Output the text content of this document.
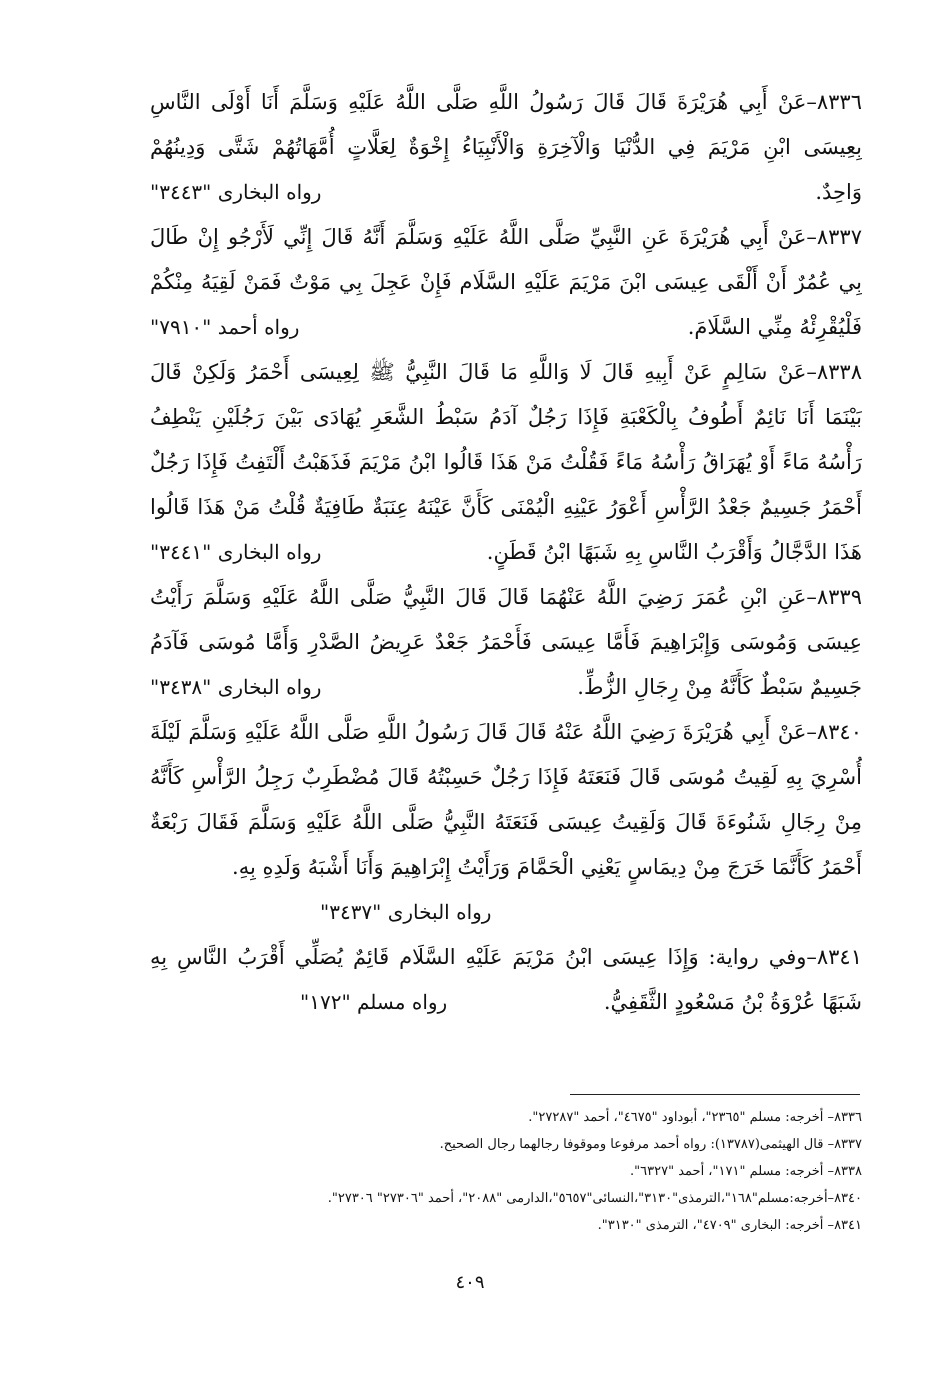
٨٣٣٦–عَنْ أَبِي هُرَيْرَةَ قَالَ قَالَ رَسُولُ اللَّهِ صَلَّى اللَّهُ عَلَيْهِ وَسَلَّمَ أَنَا أَوْلَى النَّاسِ
بِعِيسَى ابْنِ مَرْيَمَ فِي الدُّنْيَا وَالْآخِرَةِ وَالْأَنْبِيَاءُ إِخْوَةٌ لِعَلَّاتٍ أُمَّهَاتُهُمْ شَتَّى وَدِينُهُمْ
وَاحِدٌ.
رواه البخارى "٣٤٤٣"
٨٣٣٧–عَنْ أَبِي هُرَيْرَةَ عَنِ النَّبِيِّ صَلَّى اللَّهُ عَلَيْهِ وَسَلَّمَ أَنَّهُ قَالَ إِنِّي لَأَرْجُو إِنْ طَالَ
بِي عُمُرٌ أَنْ أَلْقَى عِيسَى ابْنَ مَرْيَمَ عَلَيْهِ السَّلَام فَإِنْ عَجِلَ بِي مَوْتٌ فَمَنْ لَقِيَهُ مِنْكُمْ
فَلْيُقْرِئْهُ مِنِّي السَّلَامَ.
رواه أحمد "٧٩١٠"
٨٣٣٨–عَنْ سَالِمٍ عَنْ أَبِيهِ قَالَ لَا وَاللَّهِ مَا قَالَ النَّبِيُّ ﷺ لِعِيسَى أَحْمَرُ وَلَكِنْ قَالَ
بَيْنَمَا أَنَا نَائِمٌ أَطُوفُ بِالْكَعْبَةِ فَإِذَا رَجُلٌ آدَمُ سَبْطُ الشَّعَرِ يُهَادَى بَيْنَ رَجُلَيْنِ يَنْطِفُ
رَأْسُهُ مَاءً أَوْ يُهَرَاقُ رَأْسُهُ مَاءً فَقُلْتُ مَنْ هَذَا قَالُوا ابْنُ مَرْيَمَ فَذَهَبْتُ أَلْتَفِتُ فَإِذَا رَجُلٌ
أَحْمَرُ جَسِيمٌ جَعْدُ الرَّأْسِ أَعْوَرُ عَيْنِهِ الْيُمْنَى كَأَنَّ عَيْنَهُ عِنَبَةٌ طَافِيَةٌ قُلْتُ مَنْ هَذَا قَالُوا
هَذَا الدَّجَّالُ وَأَقْرَبُ النَّاسِ بِهِ شَبَهًا ابْنُ قَطَنٍ.
رواه البخارى "٣٤٤١"
٨٣٣٩–عَنِ ابْنِ عُمَرَ رَضِيَ اللَّهُ عَنْهُمَا قَالَ قَالَ النَّبِيُّ صَلَّى اللَّهُ عَلَيْهِ وَسَلَّمَ رَأَيْتُ
عِيسَى وَمُوسَى وَإِبْرَاهِيمَ فَأَمَّا عِيسَى فَأَحْمَرُ جَعْدٌ عَرِيضُ الصَّدْرِ وَأَمَّا مُوسَى فَآدَمُ
جَسِيمٌ سَبْطٌ كَأَنَّهُ مِنْ رِجَالِ الزُّطِّ.
رواه البخارى "٣٤٣٨"
٨٣٤٠–عَنْ أَبِي هُرَيْرَةَ رَضِيَ اللَّهُ عَنْهُ قَالَ قَالَ رَسُولُ اللَّهِ صَلَّى اللَّهُ عَلَيْهِ وَسَلَّمَ لَيْلَةَ
أُسْرِيَ بِهِ لَقِيتُ مُوسَى قَالَ فَنَعَتَهُ فَإِذَا رَجُلٌ حَسِبْتُهُ قَالَ مُضْطَرِبٌ رَجِلُ الرَّأْسِ كَأَنَّهُ
مِنْ رِجَالِ شَنُوءَةَ قَالَ وَلَقِيتُ عِيسَى فَنَعَتَهُ النَّبِيُّ صَلَّى اللَّهُ عَلَيْهِ وَسَلَّمَ فَقَالَ رَبْعَةٌ
أَحْمَرُ كَأَنَّمَا خَرَجَ مِنْ دِيمَاسٍ يَعْنِي الْحَمَّامَ وَرَأَيْتُ إِبْرَاهِيمَ وَأَنَا أَشْبَهُ وَلَدِهِ بِهِ.
رواه البخارى "٣٤٣٧"
٨٣٤١–وفي رواية: وَإِذَا عِيسَى ابْنُ مَرْيَمَ عَلَيْهِ السَّلَام قَائِمٌ يُصَلِّي أَقْرَبُ النَّاسِ بِهِ
شَبَهًا عُرْوَةُ بْنُ مَسْعُودٍ الثَّقَفِيُّ.
رواه مسلم "١٧٢"
٨٣٣٦– أخرجه: مسلم "٢٣٦٥"، أبوداود "٤٦٧٥"، أحمد "٢٧٢٨٧".
٨٣٣٧– قال الهيثمى(١٣٧٨٧): رواه أحمد مرفوعا وموقوفا رجالهما رجال الصحيح.
٨٣٣٨– أخرجه: مسلم "١٧١"، أحمد "٦٣٢٧".
٨٣٤٠–أخرجه:مسلم"١٦٨"،الترمذى"٣١٣٠"،النسائى"٥٦٥٧"،الدارمى "٢٠٨٨"، أحمد "٢٧٣٠٦" ٢٧٣٠٦".
٨٣٤١– أخرجه: البخارى "٤٧٠٩"، الترمذى "٣١٣٠".
٤٠٩
